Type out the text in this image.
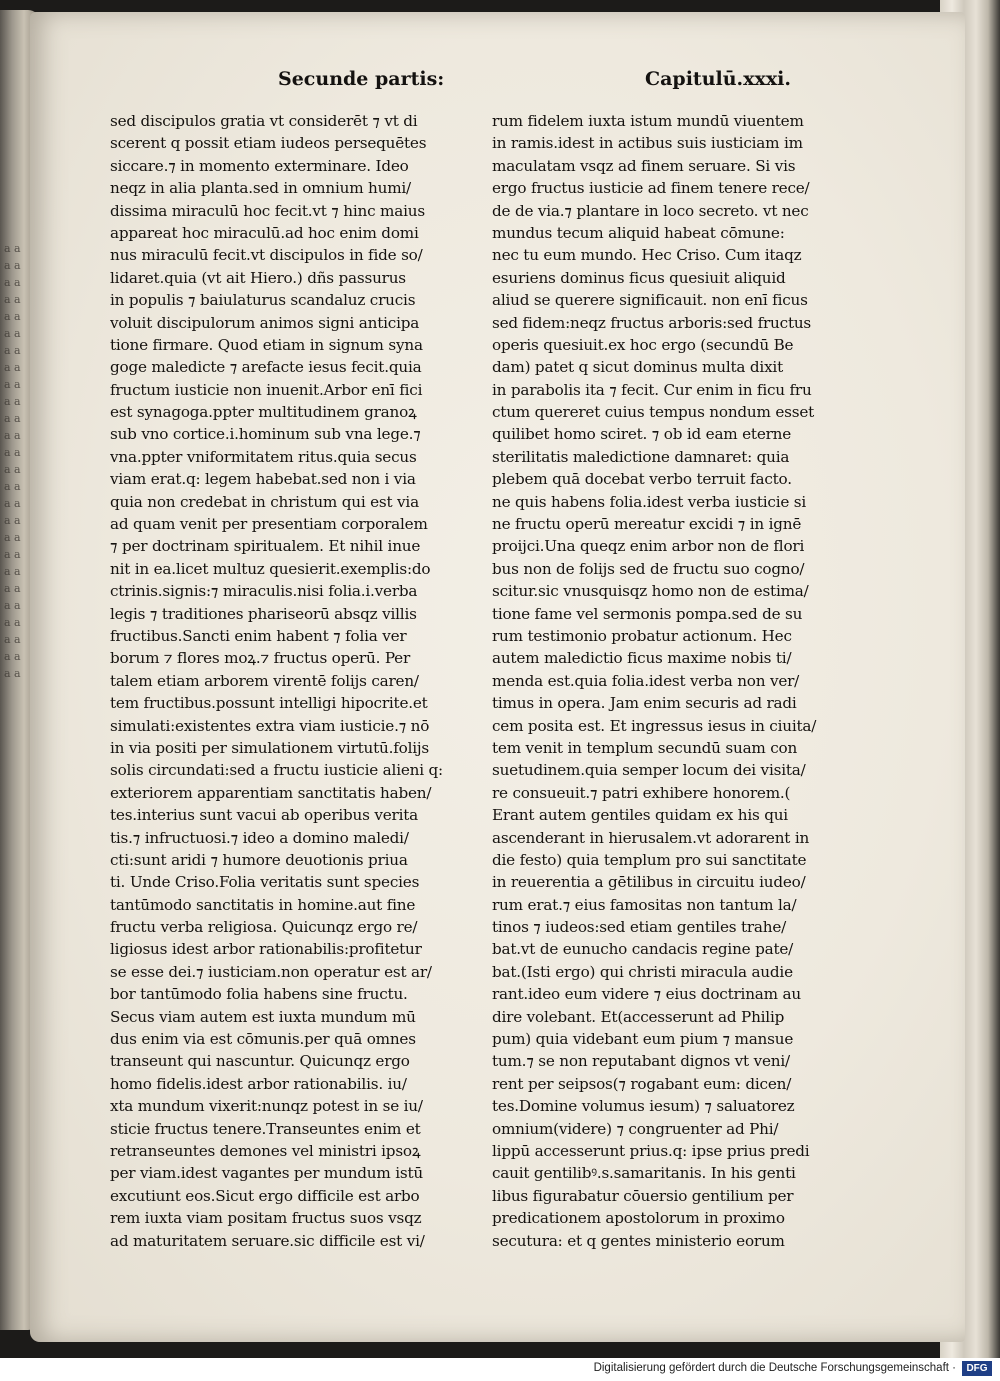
a a a a a a a a a a a a a a a a a a a a a a a a a a a a a a a a a a a a a a a a a a a a a a a a a a a a
Secunde partis:	Capitulū.xxxi.
sed discipulos gratia vt considerēt ⁊ vt di
scerent q possit etiam iudeos persequētes
siccare.⁊ in momento exterminare. Ideo
neqz in alia planta.sed in omnium humi/
dissima miraculū hoc fecit.vt ⁊ hinc maius
appareat hoc miraculū.ad hoc enim domi
nus miraculū fecit.vt discipulos in fide so/
lidaret.quia (vt ait Hiero.) dñs passurus
in populis ⁊ baiulaturus scandaluz crucis
voluit discipulorum animos signi anticipa
tione firmare. Quod etiam in signum syna
goge maledicte ⁊ arefacte iesus fecit.quia
fructum iusticie non inuenit.Arbor enī fici
est synagoga.ppter multitudinem granoꝝ
sub vno cortice.i.hominum sub vna lege.⁊
vna.ppter vniformitatem ritus.quia secus
viam erat.q: legem habebat.sed non i via
quia non credebat in christum qui est via
ad quam venit per presentiam corporalem
⁊ per doctrinam spiritualem. Et nihil inue
nit in ea.licet multuz quesierit.exemplis:do
ctrinis.signis:⁊ miraculis.nisi folia.i.verba
legis ⁊ traditiones phariseorū absqz villis
fructibus.Sancti enim habent ⁊ folia ver
borum ⁊ flores moꝝ.⁊ fructus operū. Per
talem etiam arborem virentē folijs caren/
tem fructibus.possunt intelligi hipocrite.et
simulati:existentes extra viam iusticie.⁊ nō
in via positi per simulationem virtutū.folijs
solis circundati:sed a fructu iusticie alieni q:
exteriorem apparentiam sanctitatis haben/
tes.interius sunt vacui ab operibus verita
tis.⁊ infructuosi.⁊ ideo a domino maledi/
cti:sunt aridi ⁊ humore deuotionis priua
ti. Unde Criso.Folia veritatis sunt species
tantūmodo sanctitatis in homine.aut fine
fructu verba religiosa. Quicunqz ergo re/
ligiosus idest arbor rationabilis:profitetur
se esse dei.⁊ iusticiam.non operatur est ar/
bor tantūmodo folia habens sine fructu.
Secus viam autem est iuxta mundum mū
dus enim via est cōmunis.per quā omnes
transeunt qui nascuntur. Quicunqz ergo
homo fidelis.idest arbor rationabilis. iu/
xta mundum vixerit:nunqz potest in se iu/
sticie fructus tenere.Transeuntes enim et
retranseuntes demones vel ministri ipsoꝝ
per viam.idest vagantes per mundum istū
excutiunt eos.Sicut ergo difficile est arbo
rem iuxta viam positam fructus suos vsqz
ad maturitatem seruare.sic difficile est vi/
rum fidelem iuxta istum mundū viuentem
in ramis.idest in actibus suis iusticiam im
maculatam vsqz ad finem seruare. Si vis
ergo fructus iusticie ad finem tenere rece/
de de via.⁊ plantare in loco secreto. vt nec
mundus tecum aliquid habeat cōmune:
nec tu eum mundo. Hec Criso. Cum itaqz
esuriens dominus ficus quesiuit aliquid
aliud se querere significauit. non enī ficus
sed fidem:neqz fructus arboris:sed fructus
operis quesiuit.ex hoc ergo (secundū Be
dam) patet q sicut dominus multa dixit
in parabolis ita ⁊ fecit. Cur enim in ficu fru
ctum quereret cuius tempus nondum esset
quilibet homo sciret. ⁊ ob id eam eterne
sterilitatis maledictione damnaret: quia
plebem quā docebat verbo terruit facto.
ne quis habens folia.idest verba iusticie si
ne fructu operū mereatur excidi ⁊ in ignē
proijci.Una queqz enim arbor non de flori
bus non de folijs sed de fructu suo cogno/
scitur.sic vnusquisqz homo non de estima/
tione fame vel sermonis pompa.sed de su
rum testimonio probatur actionum. Hec
autem maledictio ficus maxime nobis ti/
menda est.quia folia.idest verba non ver/
timus in opera. Jam enim securis ad radi
cem posita est. Et ingressus iesus in ciuita/
tem venit in templum secundū suam con
suetudinem.quia semper locum dei visita/
re consueuit.⁊ patri exhibere honorem.(
Erant autem gentiles quidam ex his qui
ascenderant in hierusalem.vt adorarent in
die festo) quia templum pro sui sanctitate
in reuerentia a gētilibus in circuitu iudeo/
rum erat.⁊ eius famositas non tantum la/
tinos ⁊ iudeos:sed etiam gentiles trahe/
bat.vt de eunucho candacis regine pate/
bat.(Isti ergo) qui christi miracula audie
rant.ideo eum videre ⁊ eius doctrinam au
dire volebant. Et(accesserunt ad Philip
pum) quia videbant eum pium ⁊ mansue
tum.⁊ se non reputabant dignos vt veni/
rent per seipsos(⁊ rogabant eum: dicen/
tes.Domine volumus iesum) ⁊ saluatorez
omnium(videre) ⁊ congruenter ad Phi/
lippū accesserunt prius.q: ipse prius predi
cauit gentilibꝰ.s.samaritanis. In his genti
libus figurabatur cōuersio gentilium per
predicationem apostolorum in proximo
secutura: et q gentes ministerio eorum
Digitalisierung gefördert durch die Deutsche Forschungsgemeinschaft ·	DFG
